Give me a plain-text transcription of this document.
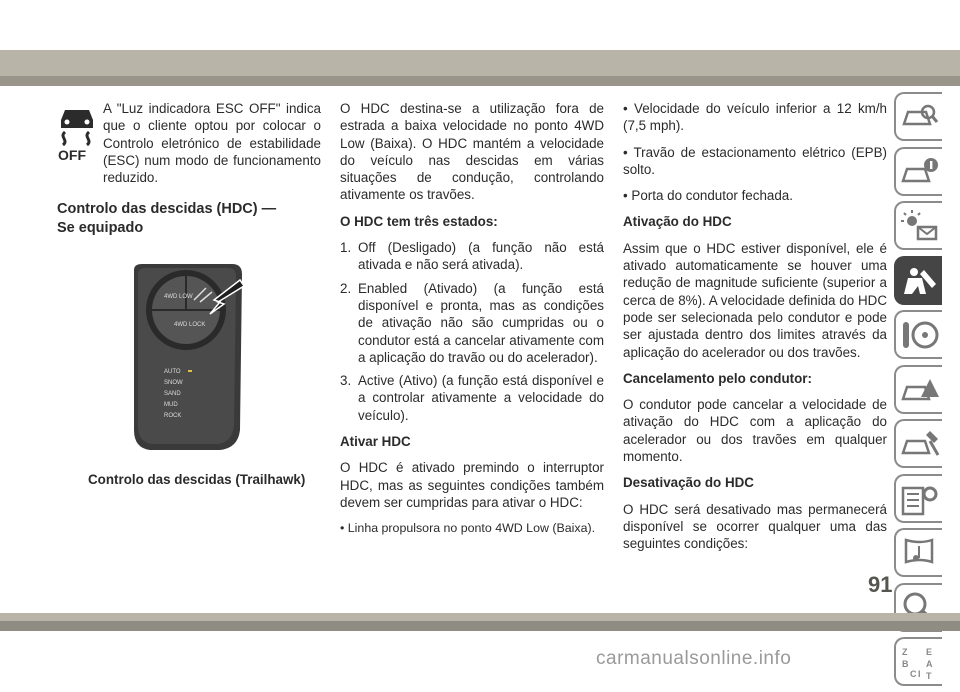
OFF
A "Luz indicadora ESC OFF" indica que o cliente optou por colocar o Controlo eletrónico de estabilidade (ESC) num modo de funcionamento reduzido.
Controlo das descidas (HDC) —
Se equipado
4WD LOW
4WD LOCK
AUTO
SNOW
SAND
MUD
ROCK
Controlo das descidas (Trailhawk)

O HDC destina-se a utilização fora de estrada a baixa velocidade no ponto 4WD Low (Baixa). O HDC mantém a velocidade do veículo nas descidas em várias situações de condução, controlando ativamente os travões.

O HDC tem três estados:
1. Off (Desligado) (a função não está ativada e não será ativada).
2. Enabled (Ativado) (a função está disponível e pronta, mas as condições de ativação não são cumpridas ou o condutor está a cancelar ativamente com a aplicação do travão ou do acelerador).
3. Active (Ativo) (a função está disponível e a controlar ativamente a velocidade do veículo).
Ativar HDC

O HDC é ativado premindo o interruptor HDC, mas as seguintes condições também devem ser cumpridas para ativar o HDC:

• Linha propulsora no ponto 4WD Low (Baixa).

• Velocidade do veículo inferior a 12 km/h (7,5 mph).

• Travão de estacionamento elétrico (EPB) solto.

• Porta do condutor fechada.

Ativação do HDC

Assim que o HDC estiver disponível, ele é ativado automaticamente se houver uma redução de magnitude suficiente (superior a cerca de 8%). A velocidade definida do HDC pode ser selecionada pelo condutor e pode ser ajustada dentro dos limites através da aplicação do acelerador ou dos travões.

Cancelamento pelo condutor:

O condutor pode cancelar a velocidade de ativação do HDC com a aplicação do acelerador ou dos travões em qualquer momento.

Desativação do HDC

O HDC será desativado mas permanecerá disponível se ocorrer qualquer uma das seguintes condições:

Z E
B A
C I T
91
carmanualsonline.info
